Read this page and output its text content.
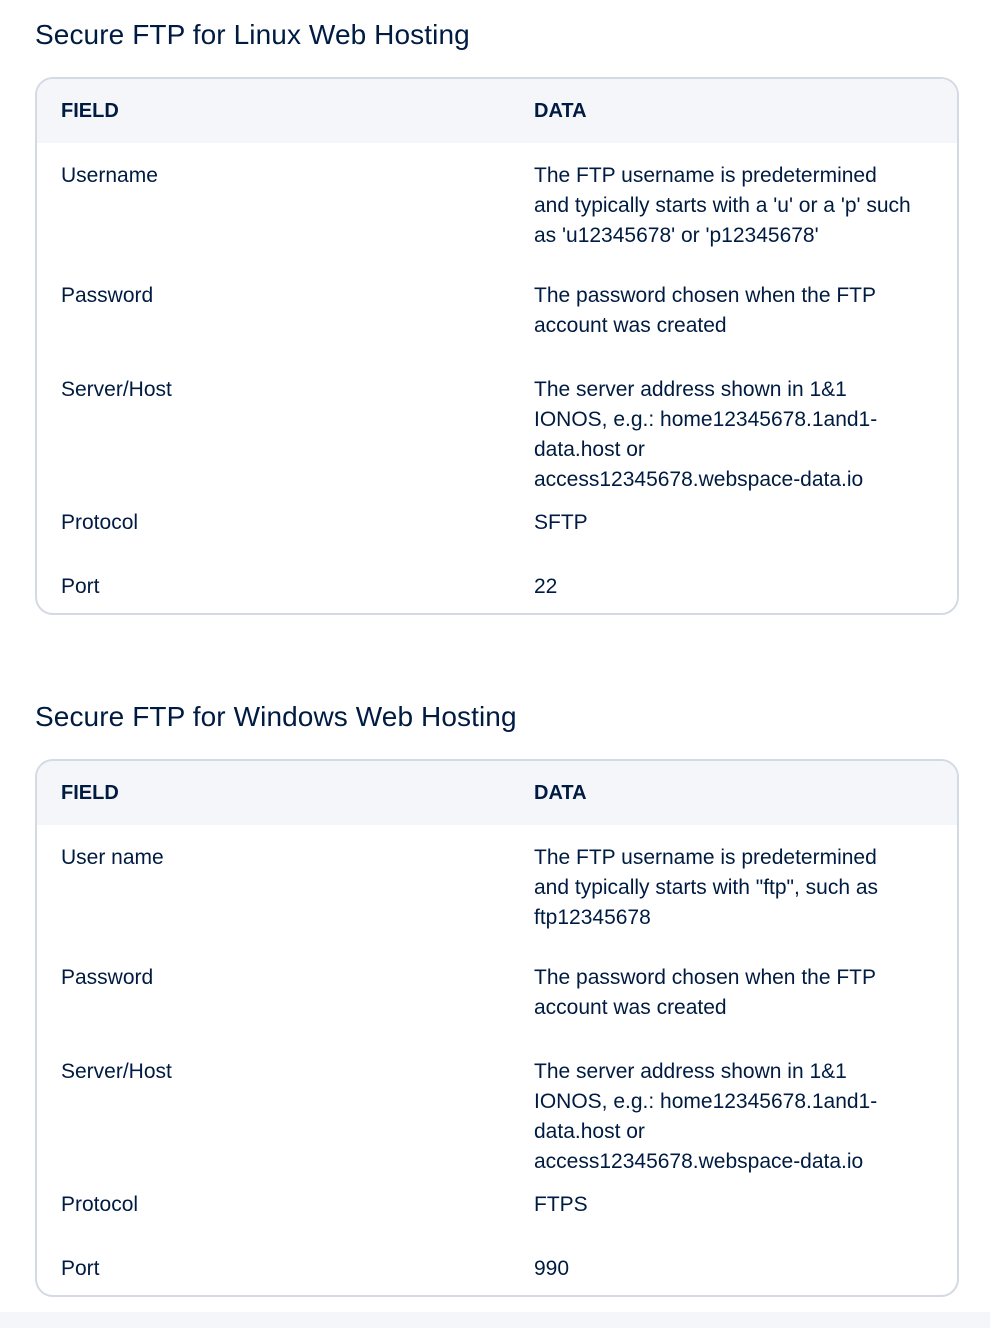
Secure FTP for Linux Web Hosting
FIELD	DATA
Username	The FTP username is predetermined and typically starts with a 'u' or a 'p' such as 'u12345678' or 'p12345678'
Password	The password chosen when the FTP account was created
Server/Host	The server address shown in 1&1 IONOS, e.g.: home12345678.1and1-data.host or access12345678.webspace-data.io
Protocol	SFTP
Port	22
Secure FTP for Windows Web Hosting
FIELD	DATA
User name	The FTP username is predetermined and typically starts with "ftp", such as ftp12345678
Password	The password chosen when the FTP account was created
Server/Host	The server address shown in 1&1 IONOS, e.g.: home12345678.1and1-data.host or access12345678.webspace-data.io
Protocol	FTPS
Port	990
